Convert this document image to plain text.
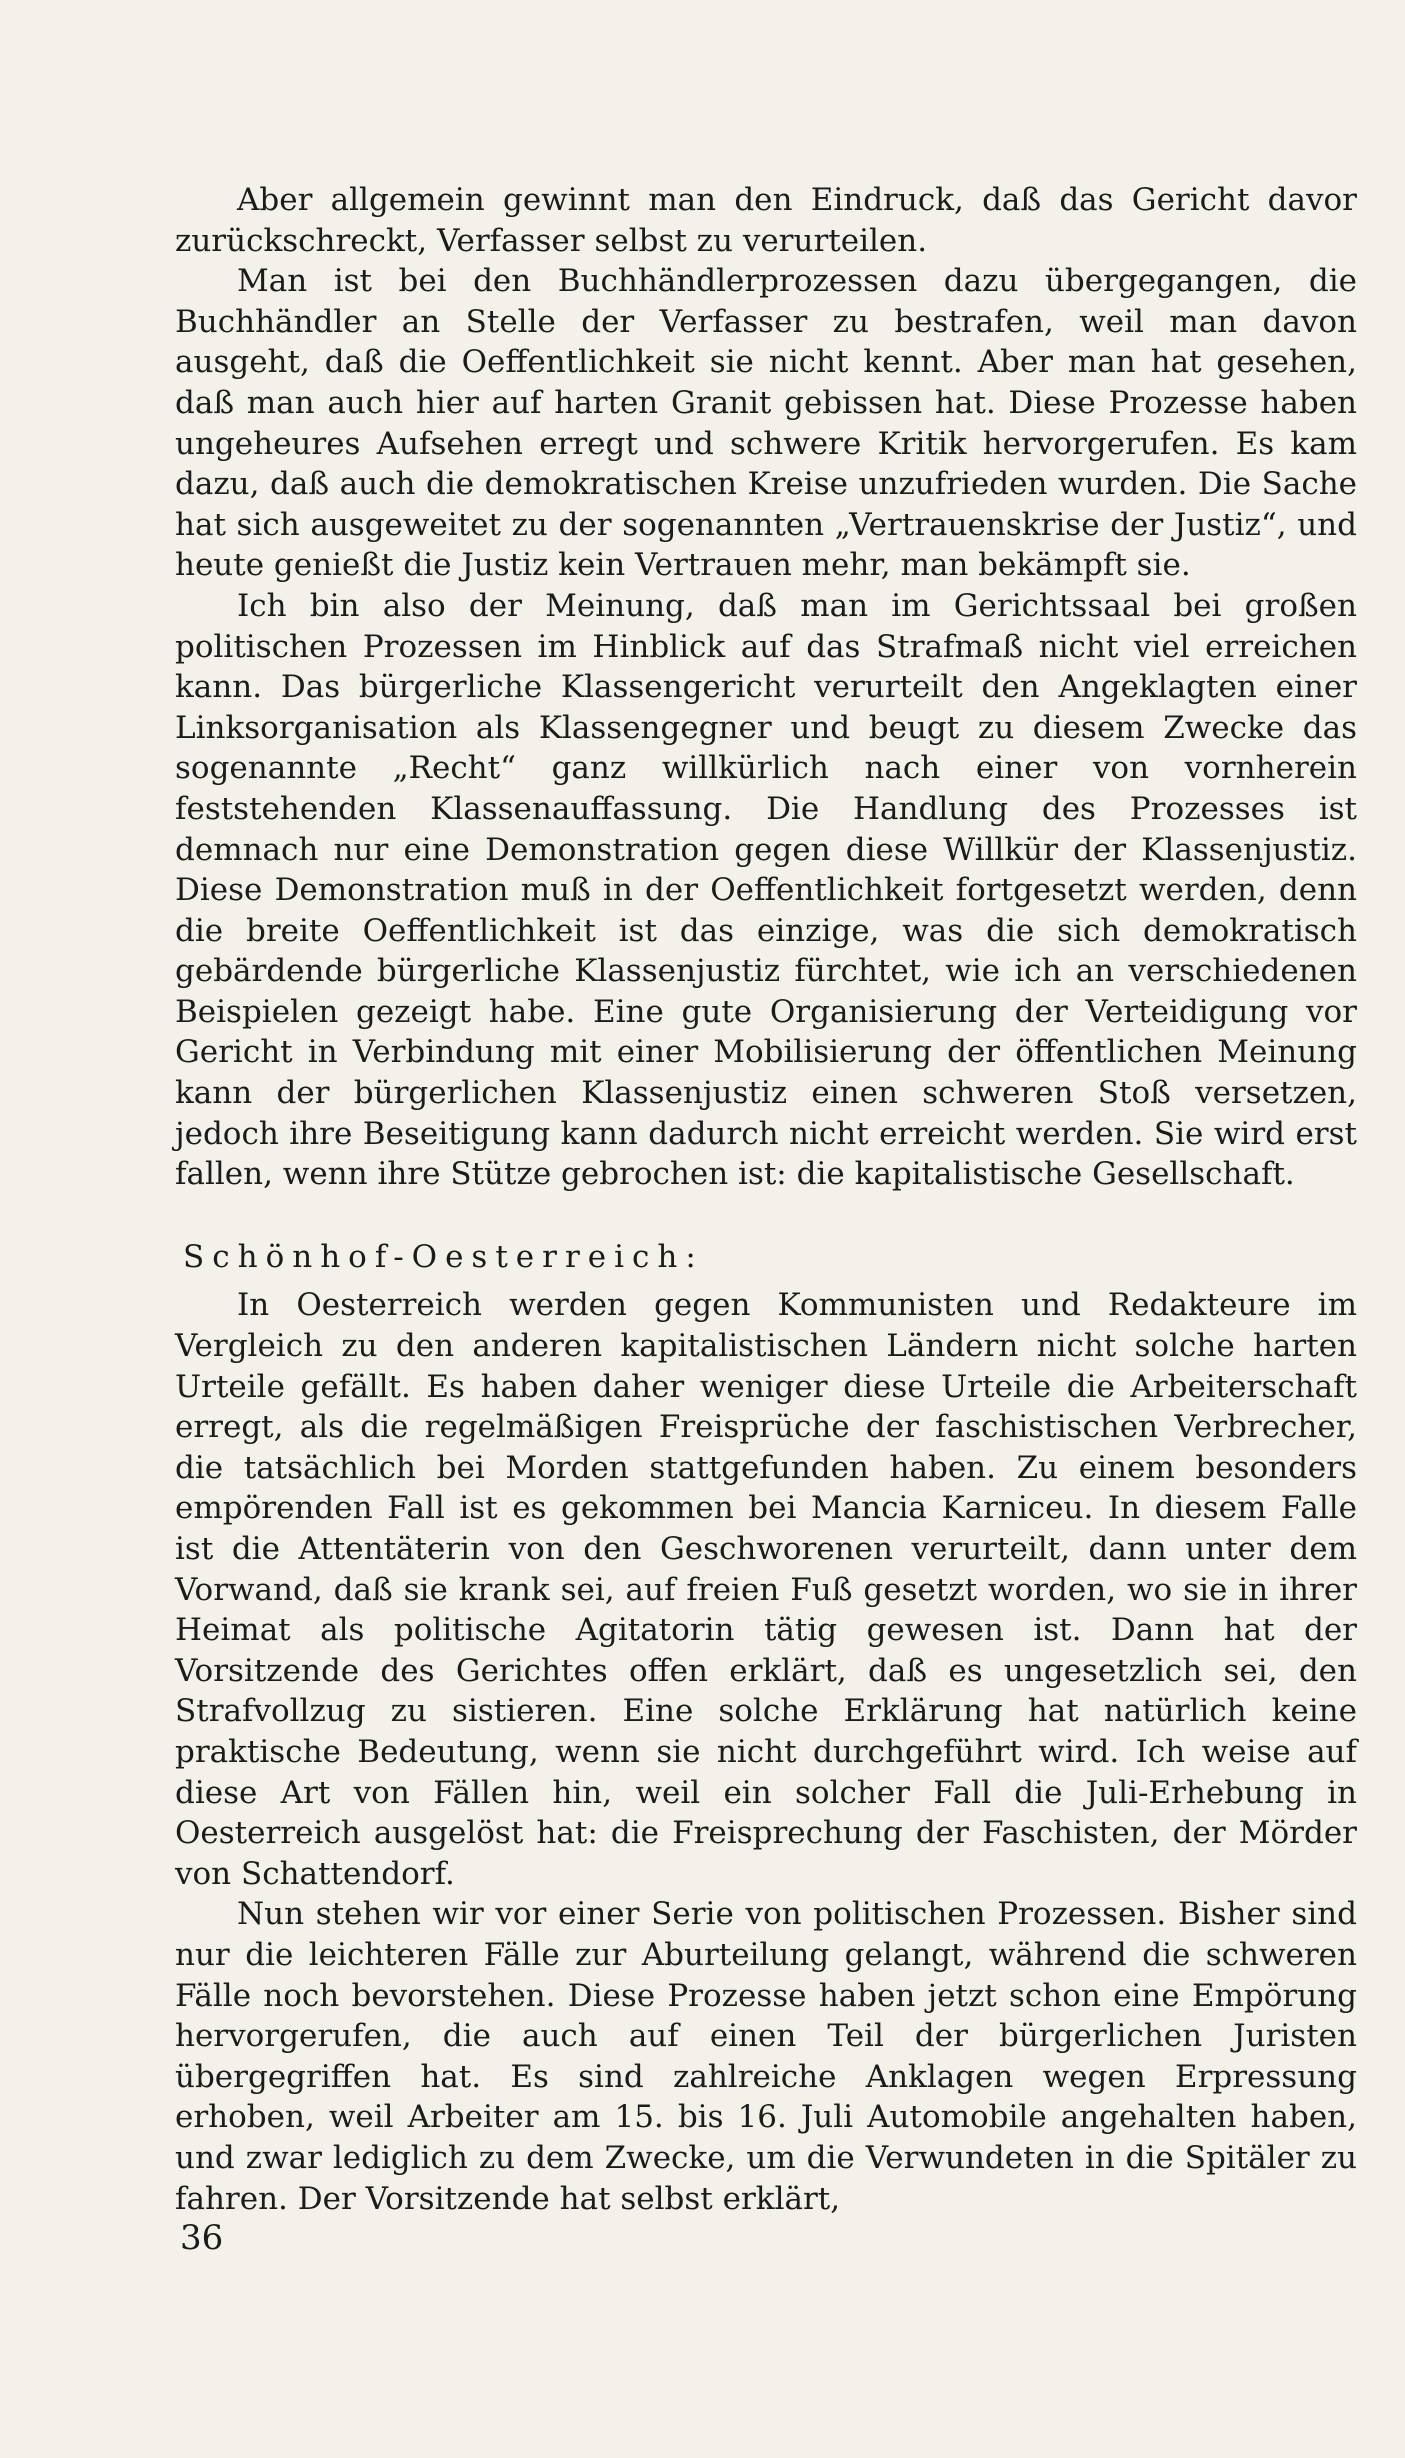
Aber allgemein gewinnt man den Eindruck, daß das Gericht davor zurückschreckt, Verfasser selbst zu verurteilen.

Man ist bei den Buchhändlerprozessen dazu übergegangen, die Buchhändler an Stelle der Verfasser zu bestrafen, weil man davon ausgeht, daß die Oeffentlichkeit sie nicht kennt. Aber man hat gesehen, daß man auch hier auf harten Granit gebissen hat. Diese Prozesse haben ungeheures Aufsehen erregt und schwere Kritik hervorgerufen. Es kam dazu, daß auch die demokratischen Kreise unzufrieden wurden. Die Sache hat sich ausgeweitet zu der sogenannten „Vertrauenskrise der Justiz“, und heute genießt die Justiz kein Vertrauen mehr, man bekämpft sie.

Ich bin also der Meinung, daß man im Gerichtssaal bei großen politischen Prozessen im Hinblick auf das Strafmaß nicht viel erreichen kann. Das bürgerliche Klassengericht verurteilt den Angeklagten einer Linksorganisation als Klassengegner und beugt zu diesem Zwecke das sogenannte „Recht“ ganz willkürlich nach einer von vornherein feststehenden Klassenauffassung. Die Handlung des Prozesses ist demnach nur eine Demonstration gegen diese Willkür der Klassenjustiz. Diese Demonstration muß in der Oeffentlichkeit fortgesetzt werden, denn die breite Oeffentlichkeit ist das einzige, was die sich demokratisch gebärdende bürgerliche Klassenjustiz fürchtet, wie ich an verschiedenen Beispielen gezeigt habe. Eine gute Organisierung der Verteidigung vor Gericht in Verbindung mit einer Mobilisierung der öffentlichen Meinung kann der bürgerlichen Klassenjustiz einen schweren Stoß versetzen, jedoch ihre Beseitigung kann dadurch nicht erreicht werden. Sie wird erst fallen, wenn ihre Stütze gebrochen ist: die kapitalistische Gesellschaft.

Schönhof-Oesterreich:

In Oesterreich werden gegen Kommunisten und Redakteure im Vergleich zu den anderen kapitalistischen Ländern nicht solche harten Urteile gefällt. Es haben daher weniger diese Urteile die Arbeiterschaft erregt, als die regelmäßigen Freisprüche der faschistischen Verbrecher, die tatsächlich bei Morden stattgefunden haben. Zu einem besonders empörenden Fall ist es gekommen bei Mancia Karniceu. In diesem Falle ist die Attentäterin von den Geschworenen verurteilt, dann unter dem Vorwand, daß sie krank sei, auf freien Fuß gesetzt worden, wo sie in ihrer Heimat als politische Agitatorin tätig gewesen ist. Dann hat der Vorsitzende des Gerichtes offen erklärt, daß es ungesetzlich sei, den Strafvollzug zu sistieren. Eine solche Erklärung hat natürlich keine praktische Bedeutung, wenn sie nicht durchgeführt wird. Ich weise auf diese Art von Fällen hin, weil ein solcher Fall die Juli-Erhebung in Oesterreich ausgelöst hat: die Freisprechung der Faschisten, der Mörder von Schattendorf.

Nun stehen wir vor einer Serie von politischen Prozessen. Bisher sind nur die leichteren Fälle zur Aburteilung gelangt, während die schweren Fälle noch bevorstehen. Diese Prozesse haben jetzt schon eine Empörung hervorgerufen, die auch auf einen Teil der bürgerlichen Juristen übergegriffen hat. Es sind zahlreiche Anklagen wegen Erpressung erhoben, weil Arbeiter am 15. bis 16. Juli Automobile angehalten haben, und zwar lediglich zu dem Zwecke, um die Verwundeten in die Spitäler zu fahren. Der Vorsitzende hat selbst erklärt,

36
